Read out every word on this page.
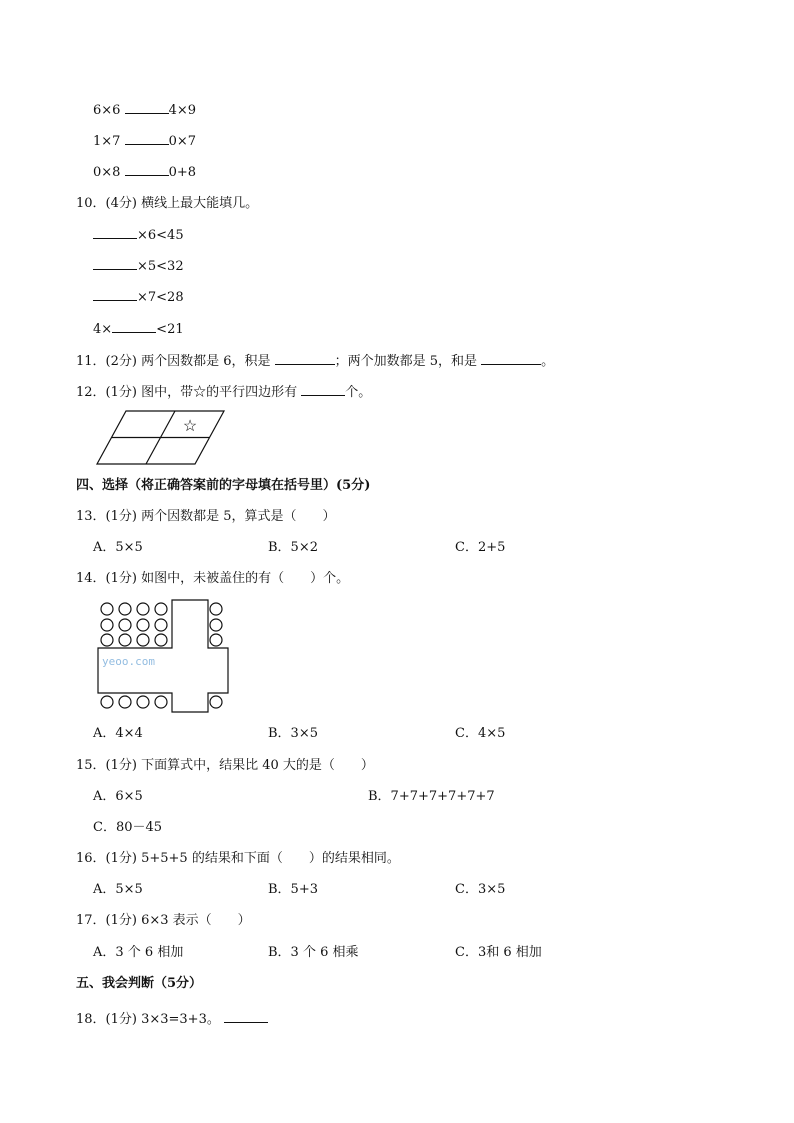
6×6	4×9
1×7	0×7
0×8	0+8
10．(4分) 横线上最大能填几。
×6<45
×5<32
×7<28
4×	<21
11．(2分) 两个因数都是 6，积是	；两个加数都是 5，和是	。
12．(1分) 图中，带☆的平行四边形有	个。
☆
四、选择（将正确答案前的字母填在括号里）(5分)
13．(1分) 两个因数都是 5，算式是（　　）
A．5×5	B．5×2	C．2+5
14．(1分) 如图中，未被盖住的有（　　）个。
yeoo.com
A．4×4	B．3×5	C．4×5
15．(1分) 下面算式中，结果比 40 大的是（　　）
A．6×5	B．7+7+7+7+7+7
C．80－45
16．(1分) 5+5+5 的结果和下面（　　）的结果相同。
A．5×5	B．5+3	C．3×5
17．(1分) 6×3 表示（　　）
A．3 个 6 相加	B．3 个 6 相乘	C．3和 6 相加
五、我会判断（5分）
18．(1分) 3×3=3+3。
